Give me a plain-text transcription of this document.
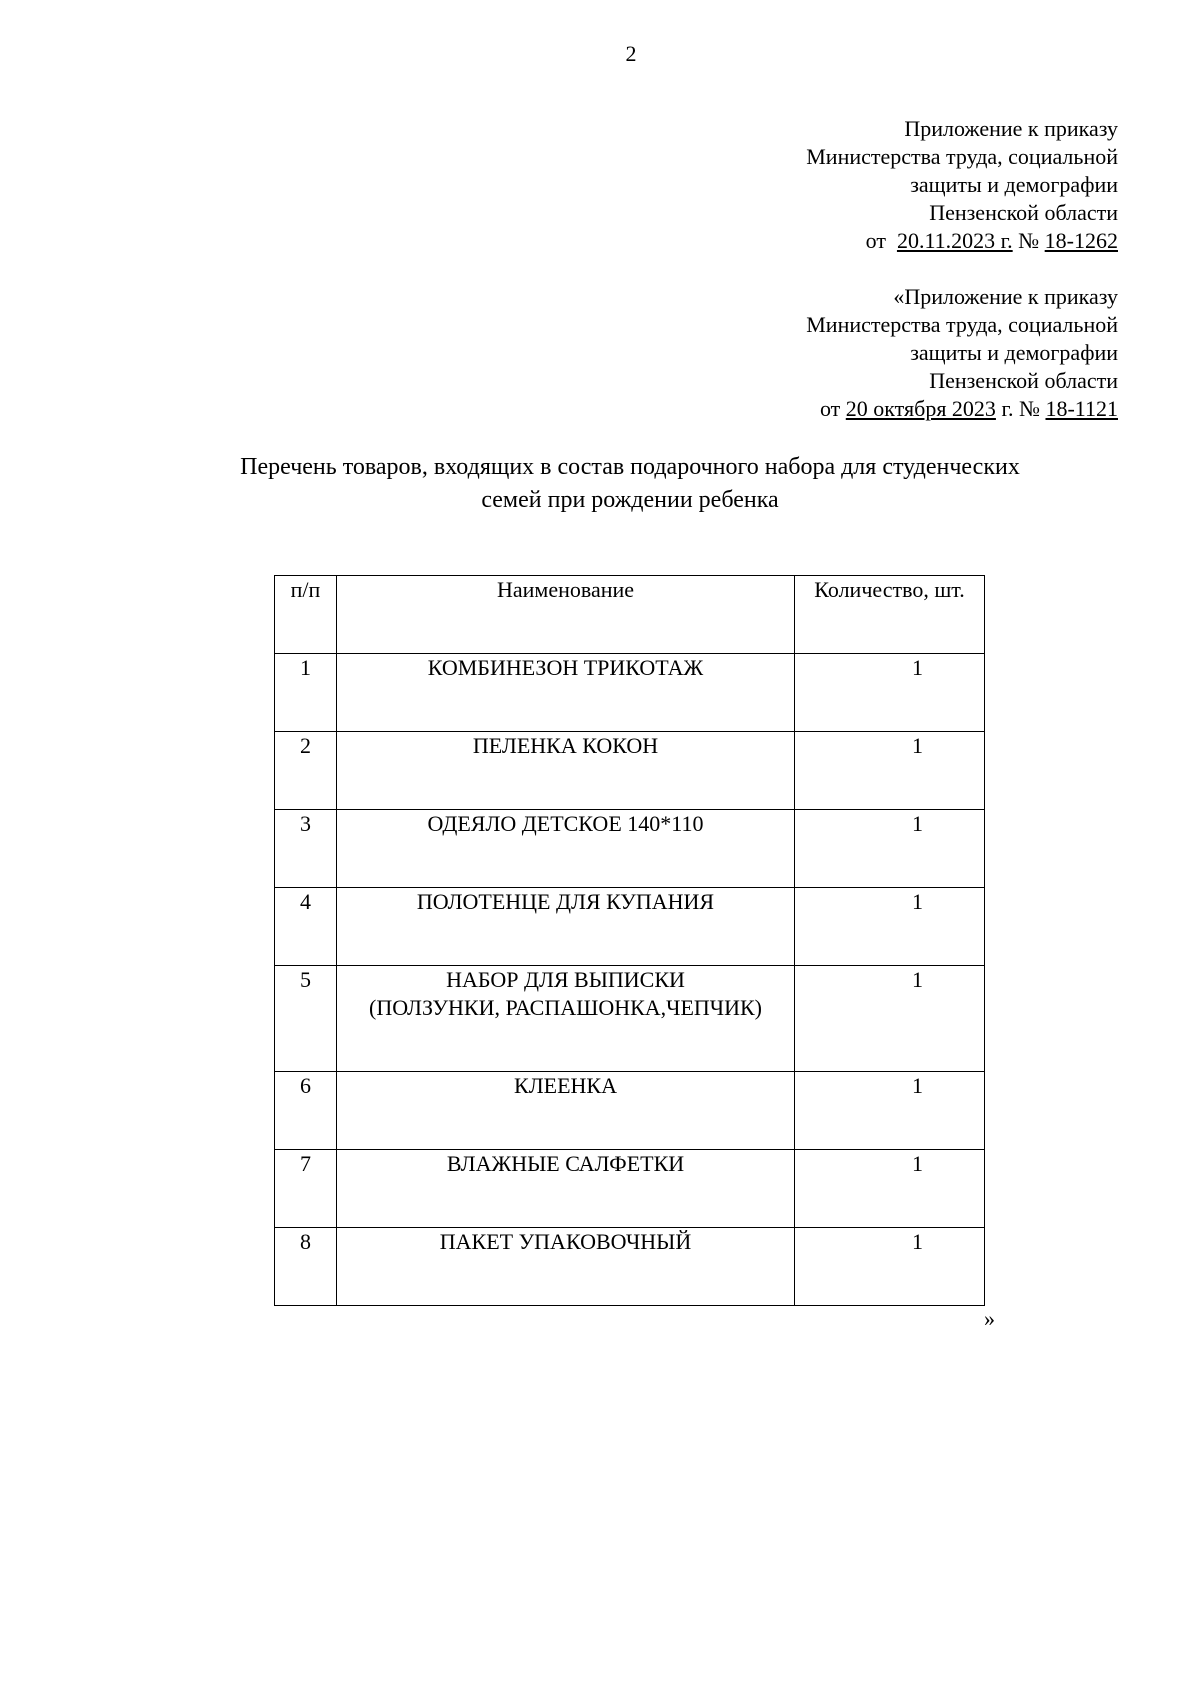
2
Приложение к приказу
Министерства труда, социальной
защиты и демографии
Пензенской области
от  20.11.2023 г. № 18-1262
«Приложение к приказу
Министерства труда, социальной
защиты и демографии
Пензенской области
от 20 октября 2023 г. № 18-1121
Перечень товаров, входящих в состав подарочного набора для студенческих
семей при рождении ребенка
п/п	Наименование	Количество, шт.
1	КОМБИНЕЗОН ТРИКОТАЖ	1
2	ПЕЛЕНКА КОКОН	1
3	ОДЕЯЛО ДЕТСКОЕ 140*110	1
4	ПОЛОТЕНЦЕ ДЛЯ КУПАНИЯ	1
5	НАБОР ДЛЯ ВЫПИСКИ
(ПОЛЗУНКИ, РАСПАШОНКА,ЧЕПЧИК)	1
6	КЛЕЕНКА	1
7	ВЛАЖНЫЕ САЛФЕТКИ	1
8	ПАКЕТ УПАКОВОЧНЫЙ	1
»
